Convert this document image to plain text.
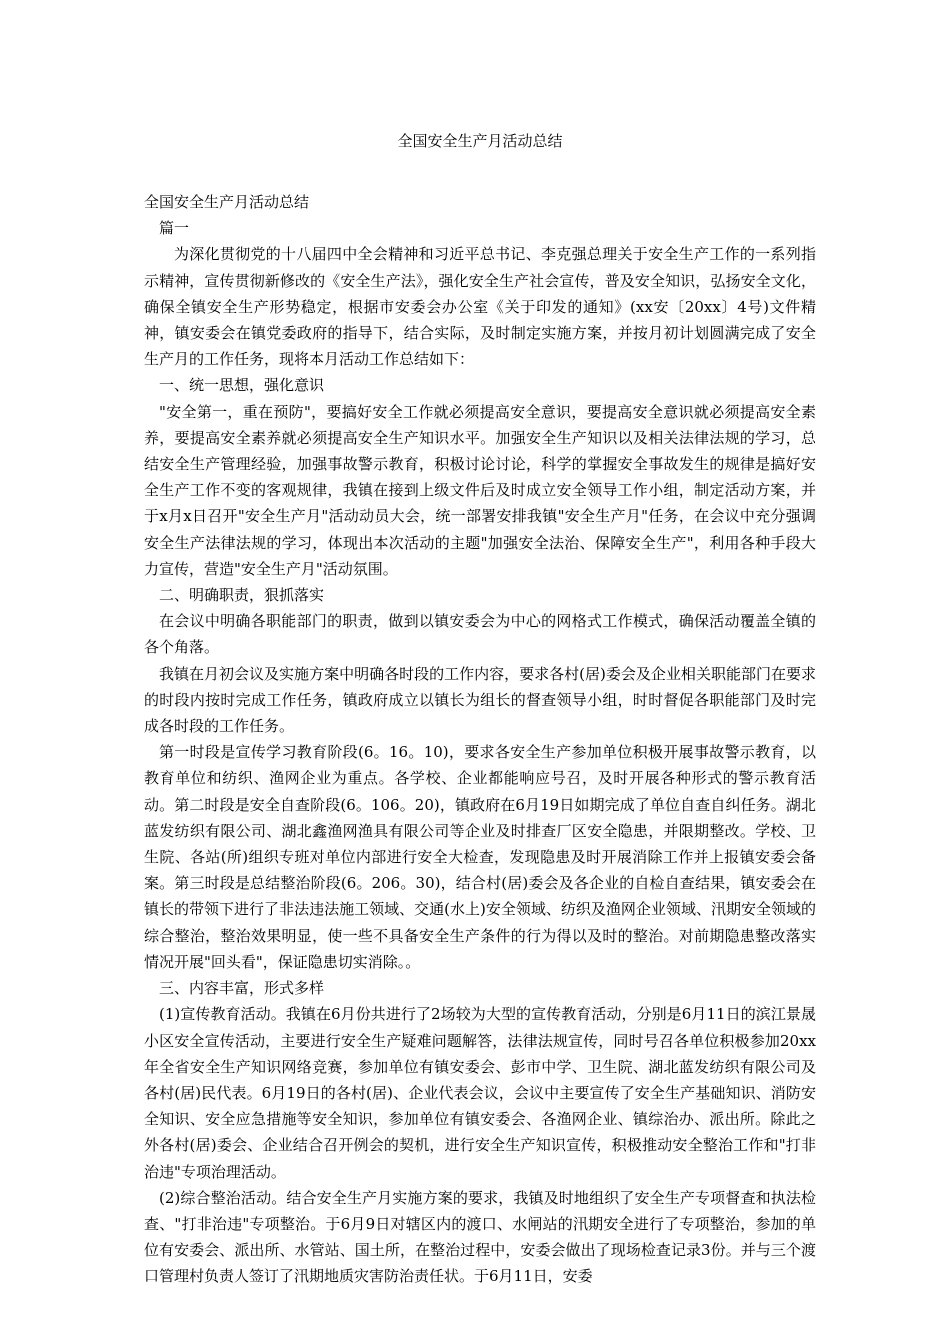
全国安全生产月活动总结
全国安全生产月活动总结

篇一

为深化贯彻党的十八届四中全会精神和习近平总书记、李克强总理关于安全生产工作的一系列指示精神，宣传贯彻新修改的《安全生产法》，强化安全生产社会宣传，普及安全知识，弘扬安全文化，确保全镇安全生产形势稳定，根据市安委会办公室《关于印发的通知》(xx安〔20xx〕4号)文件精神，镇安委会在镇党委政府的指导下，结合实际，及时制定实施方案，并按月初计划圆满完成了安全生产月的工作任务，现将本月活动工作总结如下：

一、统一思想，强化意识

"安全第一，重在预防"，要搞好安全工作就必须提高安全意识，要提高安全意识就必须提高安全素养，要提高安全素养就必须提高安全生产知识水平。加强安全生产知识以及相关法律法规的学习，总结安全生产管理经验，加强事故警示教育，积极讨论讨论，科学的掌握安全事故发生的规律是搞好安全生产工作不变的客观规律，我镇在接到上级文件后及时成立安全领导工作小组，制定活动方案，并于x月x日召开"安全生产月"活动动员大会，统一部署安排我镇"安全生产月"任务，在会议中充分强调安全生产法律法规的学习，体现出本次活动的主题"加强安全法治、保障安全生产"，利用各种手段大力宣传，营造"安全生产月"活动氛围。

二、明确职责，狠抓落实

在会议中明确各职能部门的职责，做到以镇安委会为中心的网格式工作模式，确保活动覆盖全镇的各个角落。

我镇在月初会议及实施方案中明确各时段的工作内容，要求各村(居)委会及企业相关职能部门在要求的时段内按时完成工作任务，镇政府成立以镇长为组长的督查领导小组，时时督促各职能部门及时完成各时段的工作任务。

第一时段是宣传学习教育阶段(6。16。10)，要求各安全生产参加单位积极开展事故警示教育，以教育单位和纺织、渔网企业为重点。各学校、企业都能响应号召，及时开展各种形式的警示教育活动。第二时段是安全自查阶段(6。106。20)，镇政府在6月19日如期完成了单位自查自纠任务。湖北蓝发纺织有限公司、湖北鑫渔网渔具有限公司等企业及时排查厂区安全隐患，并限期整改。学校、卫生院、各站(所)组织专班对单位内部进行安全大检查，发现隐患及时开展消除工作并上报镇安委会备案。第三时段是总结整治阶段(6。206。30)，结合村(居)委会及各企业的自检自查结果，镇安委会在镇长的带领下进行了非法违法施工领域、交通(水上)安全领域、纺织及渔网企业领域、汛期安全领域的综合整治，整治效果明显，使一些不具备安全生产条件的行为得以及时的整治。对前期隐患整改落实情况开展"回头看"，保证隐患切实消除。。

三、内容丰富，形式多样

(1)宣传教育活动。我镇在6月份共进行了2场较为大型的宣传教育活动，分别是6月11日的滨江景晟小区安全宣传活动，主要进行安全生产疑难问题解答，法律法规宣传，同时号召各单位积极参加20xx年全省安全生产知识网络竞赛，参加单位有镇安委会、彭市中学、卫生院、湖北蓝发纺织有限公司及各村(居)民代表。6月19日的各村(居)、企业代表会议，会议中主要宣传了安全生产基础知识、消防安全知识、安全应急措施等安全知识，参加单位有镇安委会、各渔网企业、镇综治办、派出所。除此之外各村(居)委会、企业结合召开例会的契机，进行安全生产知识宣传，积极推动安全整治工作和"打非治违"专项治理活动。

(2)综合整治活动。结合安全生产月实施方案的要求，我镇及时地组织了安全生产专项督查和执法检查、"打非治违"专项整治。于6月9日对辖区内的渡口、水闸站的汛期安全进行了专项整治，参加的单位有安委会、派出所、水管站、国土所，在整治过程中，安委会做出了现场检查记录3份。并与三个渡口管理村负责人签订了汛期地质灾害防治责任状。于6月11日，安委
